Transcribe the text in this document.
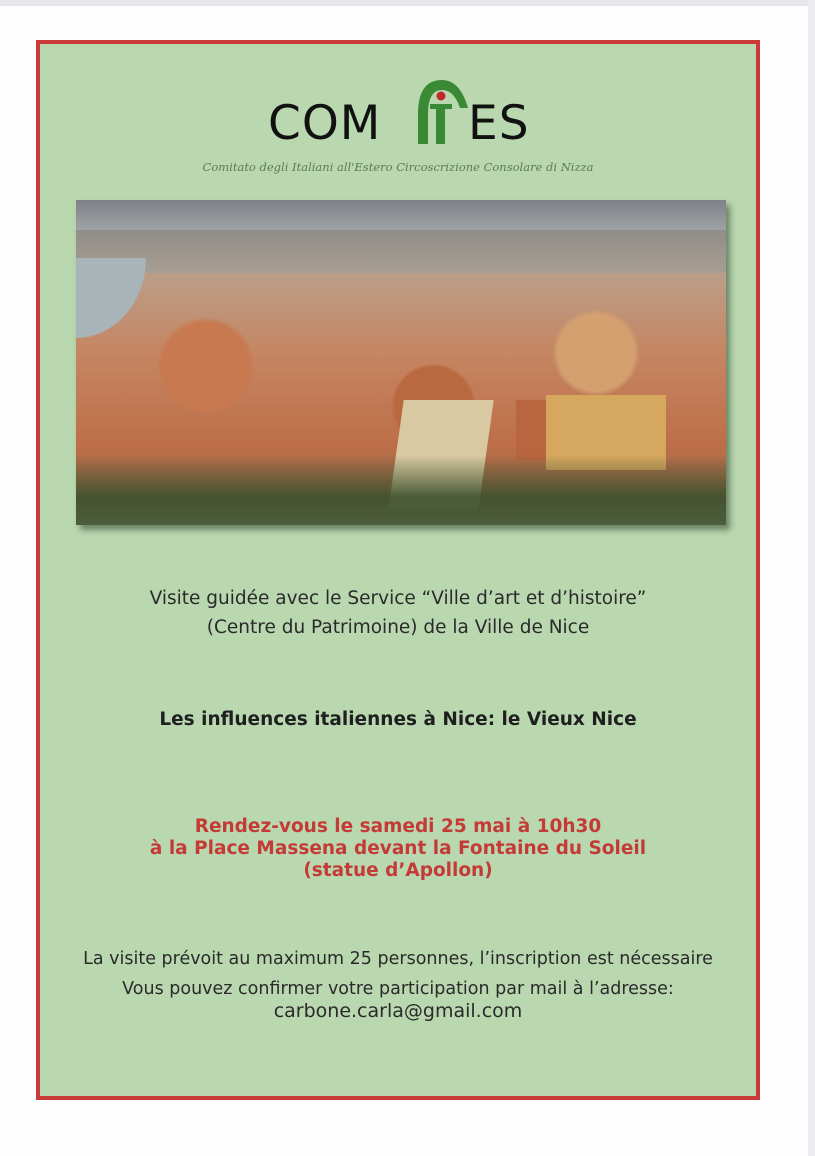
COM ES
Comitato degli Italiani all'Estero Circoscrizione Consolare di Nizza
Visite guidée avec le Service “Ville d’art et d’histoire”
(Centre du Patrimoine) de la Ville de Nice
Les influences italiennes à Nice: le Vieux Nice
Rendez-vous le samedi 25 mai à 10h30
à la Place Massena devant la Fontaine du Soleil
(statue d’Apollon)
La visite prévoit au maximum 25 personnes, l’inscription est nécessaire
Vous pouvez confirmer votre participation par mail à l’adresse:
carbone.carla@gmail.com
